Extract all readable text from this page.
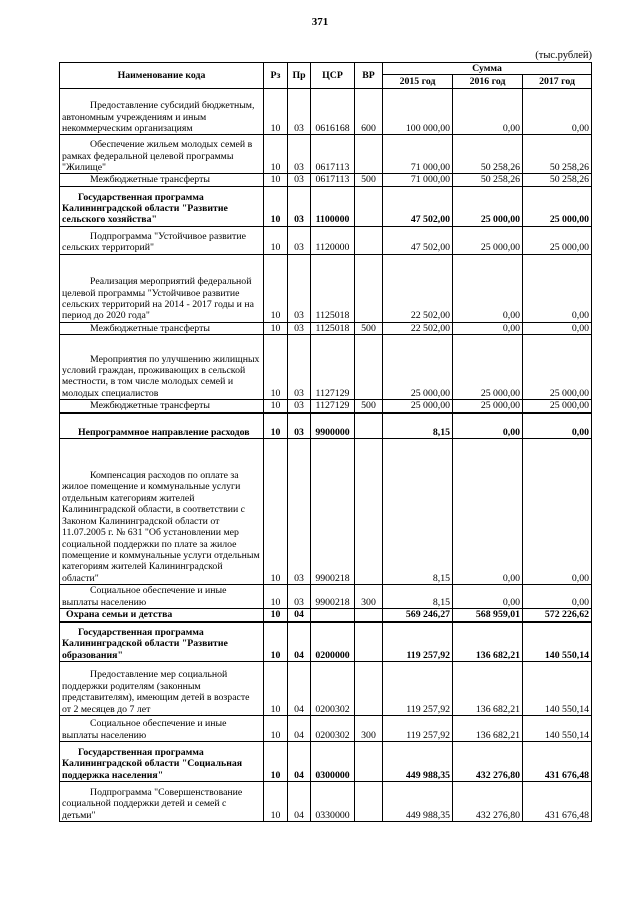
371
(тыс.рублей)
Наименование кода	Рз	Пр	ЦСР	ВР	Сумма		
					2015 год	2016 год	2017 год
Предоставление субсидий бюджетным, автономным учреждениям и иным некоммерческим организациям	10	03	0616168	600	100 000,00	0,00	0,00
Обеспечение жильем молодых семей в рамках федеральной целевой программы "Жилище"	10	03	0617113		71 000,00	50 258,26	50 258,26
Межбюджетные трансферты	10	03	0617113	500	71 000,00	50 258,26	50 258,26
Государственная программа Калининградской области "Развитие сельского хозяйства"	10	03	1100000		47 502,00	25 000,00	25 000,00
Подпрограмма "Устойчивое развитие сельских территорий"	10	03	1120000		47 502,00	25 000,00	25 000,00
Реализация мероприятий федеральной целевой программы "Устойчивое развитие сельских территорий на 2014 - 2017 годы и на период до 2020 года"	10	03	1125018		22 502,00	0,00	0,00
Межбюджетные трансферты	10	03	1125018	500	22 502,00	0,00	0,00
Мероприятия по улучшению жилищных условий граждан, проживающих в сельской местности, в том числе молодых семей и молодых специалистов	10	03	1127129		25 000,00	25 000,00	25 000,00
Межбюджетные трансферты	10	03	1127129	500	25 000,00	25 000,00	25 000,00
Непрограммное направление расходов	10	03	9900000		8,15	0,00	0,00
Компенсация расходов по оплате за жилое помещение и коммунальные услуги отдельным категориям жителей Калининградской области, в соответствии с Законом Калининградской области от 11.07.2005 г. № 631 "Об установлении мер социальной поддержки по плате за жилое помещение и коммунальные услуги отдельным категориям жителей Калининградской области"	10	03	9900218		8,15	0,00	0,00
Социальное обеспечение и иные выплаты населению	10	03	9900218	300	8,15	0,00	0,00
Охрана семьи и детства	10	04			569 246,27	568 959,01	572 226,62
Государственная программа Калининградской области "Развитие образования"	10	04	0200000		119 257,92	136 682,21	140 550,14
Предоставление мер социальной поддержки родителям (законным представителям), имеющим детей в возрасте от 2 месяцев до 7 лет	10	04	0200302		119 257,92	136 682,21	140 550,14
Социальное обеспечение и иные выплаты населению	10	04	0200302	300	119 257,92	136 682,21	140 550,14
Государственная программа Калининградской области "Социальная поддержка населения"	10	04	0300000		449 988,35	432 276,80	431 676,48
Подпрограмма "Совершенствование социальной поддержки детей и семей с детьми"	10	04	0330000		449 988,35	432 276,80	431 676,48
